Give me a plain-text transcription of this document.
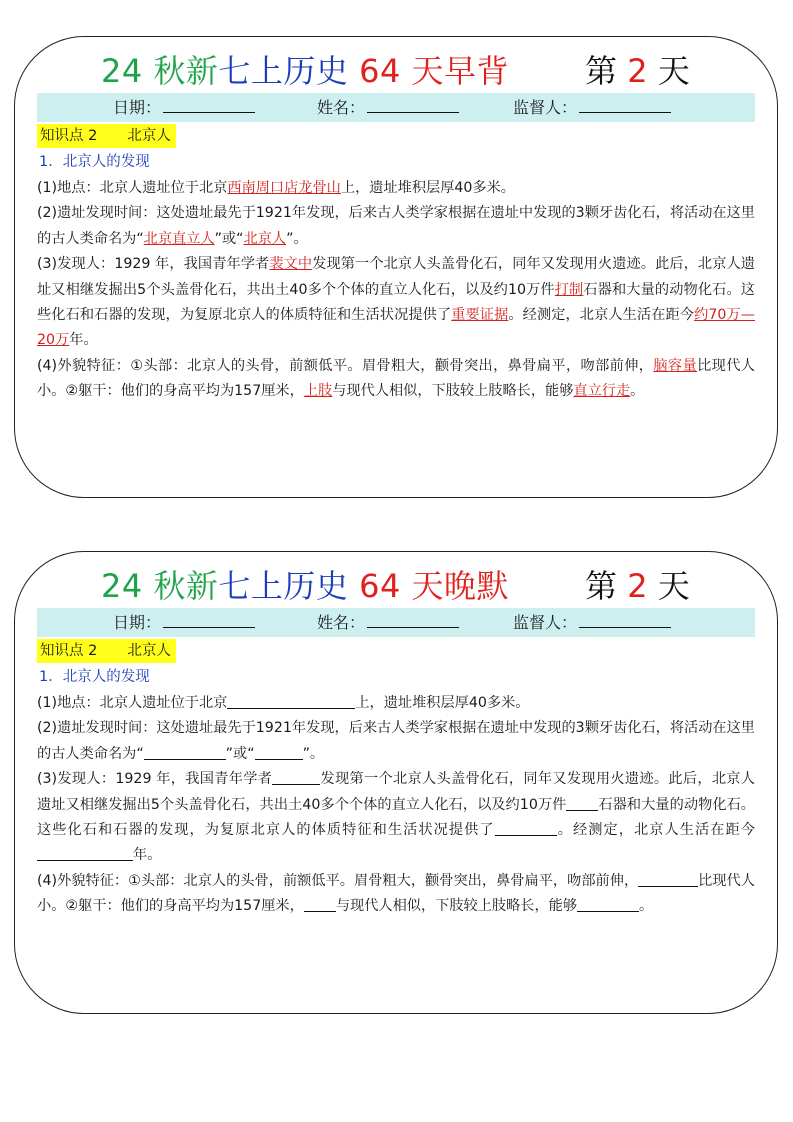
24 秋新七上历史 64 天早背 第 2 天
日期：	姓名：	监督人：
知识点 2 北京人
1．北京人的发现

(1)地点：北京人遗址位于北京西南周口店龙骨山上，遗址堆积层厚40多米。

(2)遗址发现时间：这处遗址最先于1921年发现，后来古人类学家根据在遗址中发现的3颗牙齿化石，将活动在这里的古人类命名为“北京直立人”或“北京人”。

(3)发现人：1929 年，我国青年学者裴文中发现第一个北京人头盖骨化石，同年又发现用火遗迹。此后，北京人遗址又相继发掘出5个头盖骨化石，共出土40多个个体的直立人化石，以及约10万件打制石器和大量的动物化石。这些化石和石器的发现，为复原北京人的体质特征和生活状况提供了重要证据。经测定，北京人生活在距今约70万—20万年。

(4)外貌特征：①头部：北京人的头骨，前额低平。眉骨粗大，颧骨突出，鼻骨扁平，吻部前伸，脑容量比现代人小。②躯干：他们的身高平均为157厘米，上肢与现代人相似，下肢较上肢略长，能够直立行走。

24 秋新七上历史 64 天晚默 第 2 天
日期：	姓名：	监督人：
知识点 2 北京人
1．北京人的发现

(1)地点：北京人遗址位于北京	上，遗址堆积层厚40多米。

(2)遗址发现时间：这处遗址最先于1921年发现，后来古人类学家根据在遗址中发现的3颗牙齿化石，将活动在这里的古人类命名为“	”或“	”。

(3)发现人：1929 年，我国青年学者	发现第一个北京人头盖骨化石，同年又发现用火遗迹。此后，北京人遗址又相继发掘出5个头盖骨化石，共出土40多个个体的直立人化石，以及约10万件 石器和大量的动物化石。这些化石和石器的发现，为复原北京人的体质特征和生活状况提供了	。经测定，北京人生活在距今年。

(4)外貌特征：①头部：北京人的头骨，前额低平。眉骨粗大，颧骨突出，鼻骨扁平，吻部前伸，	比现代人小。②躯干：他们的身高平均为157厘米， 与现代人相似，下肢较上肢略长，能够	。
